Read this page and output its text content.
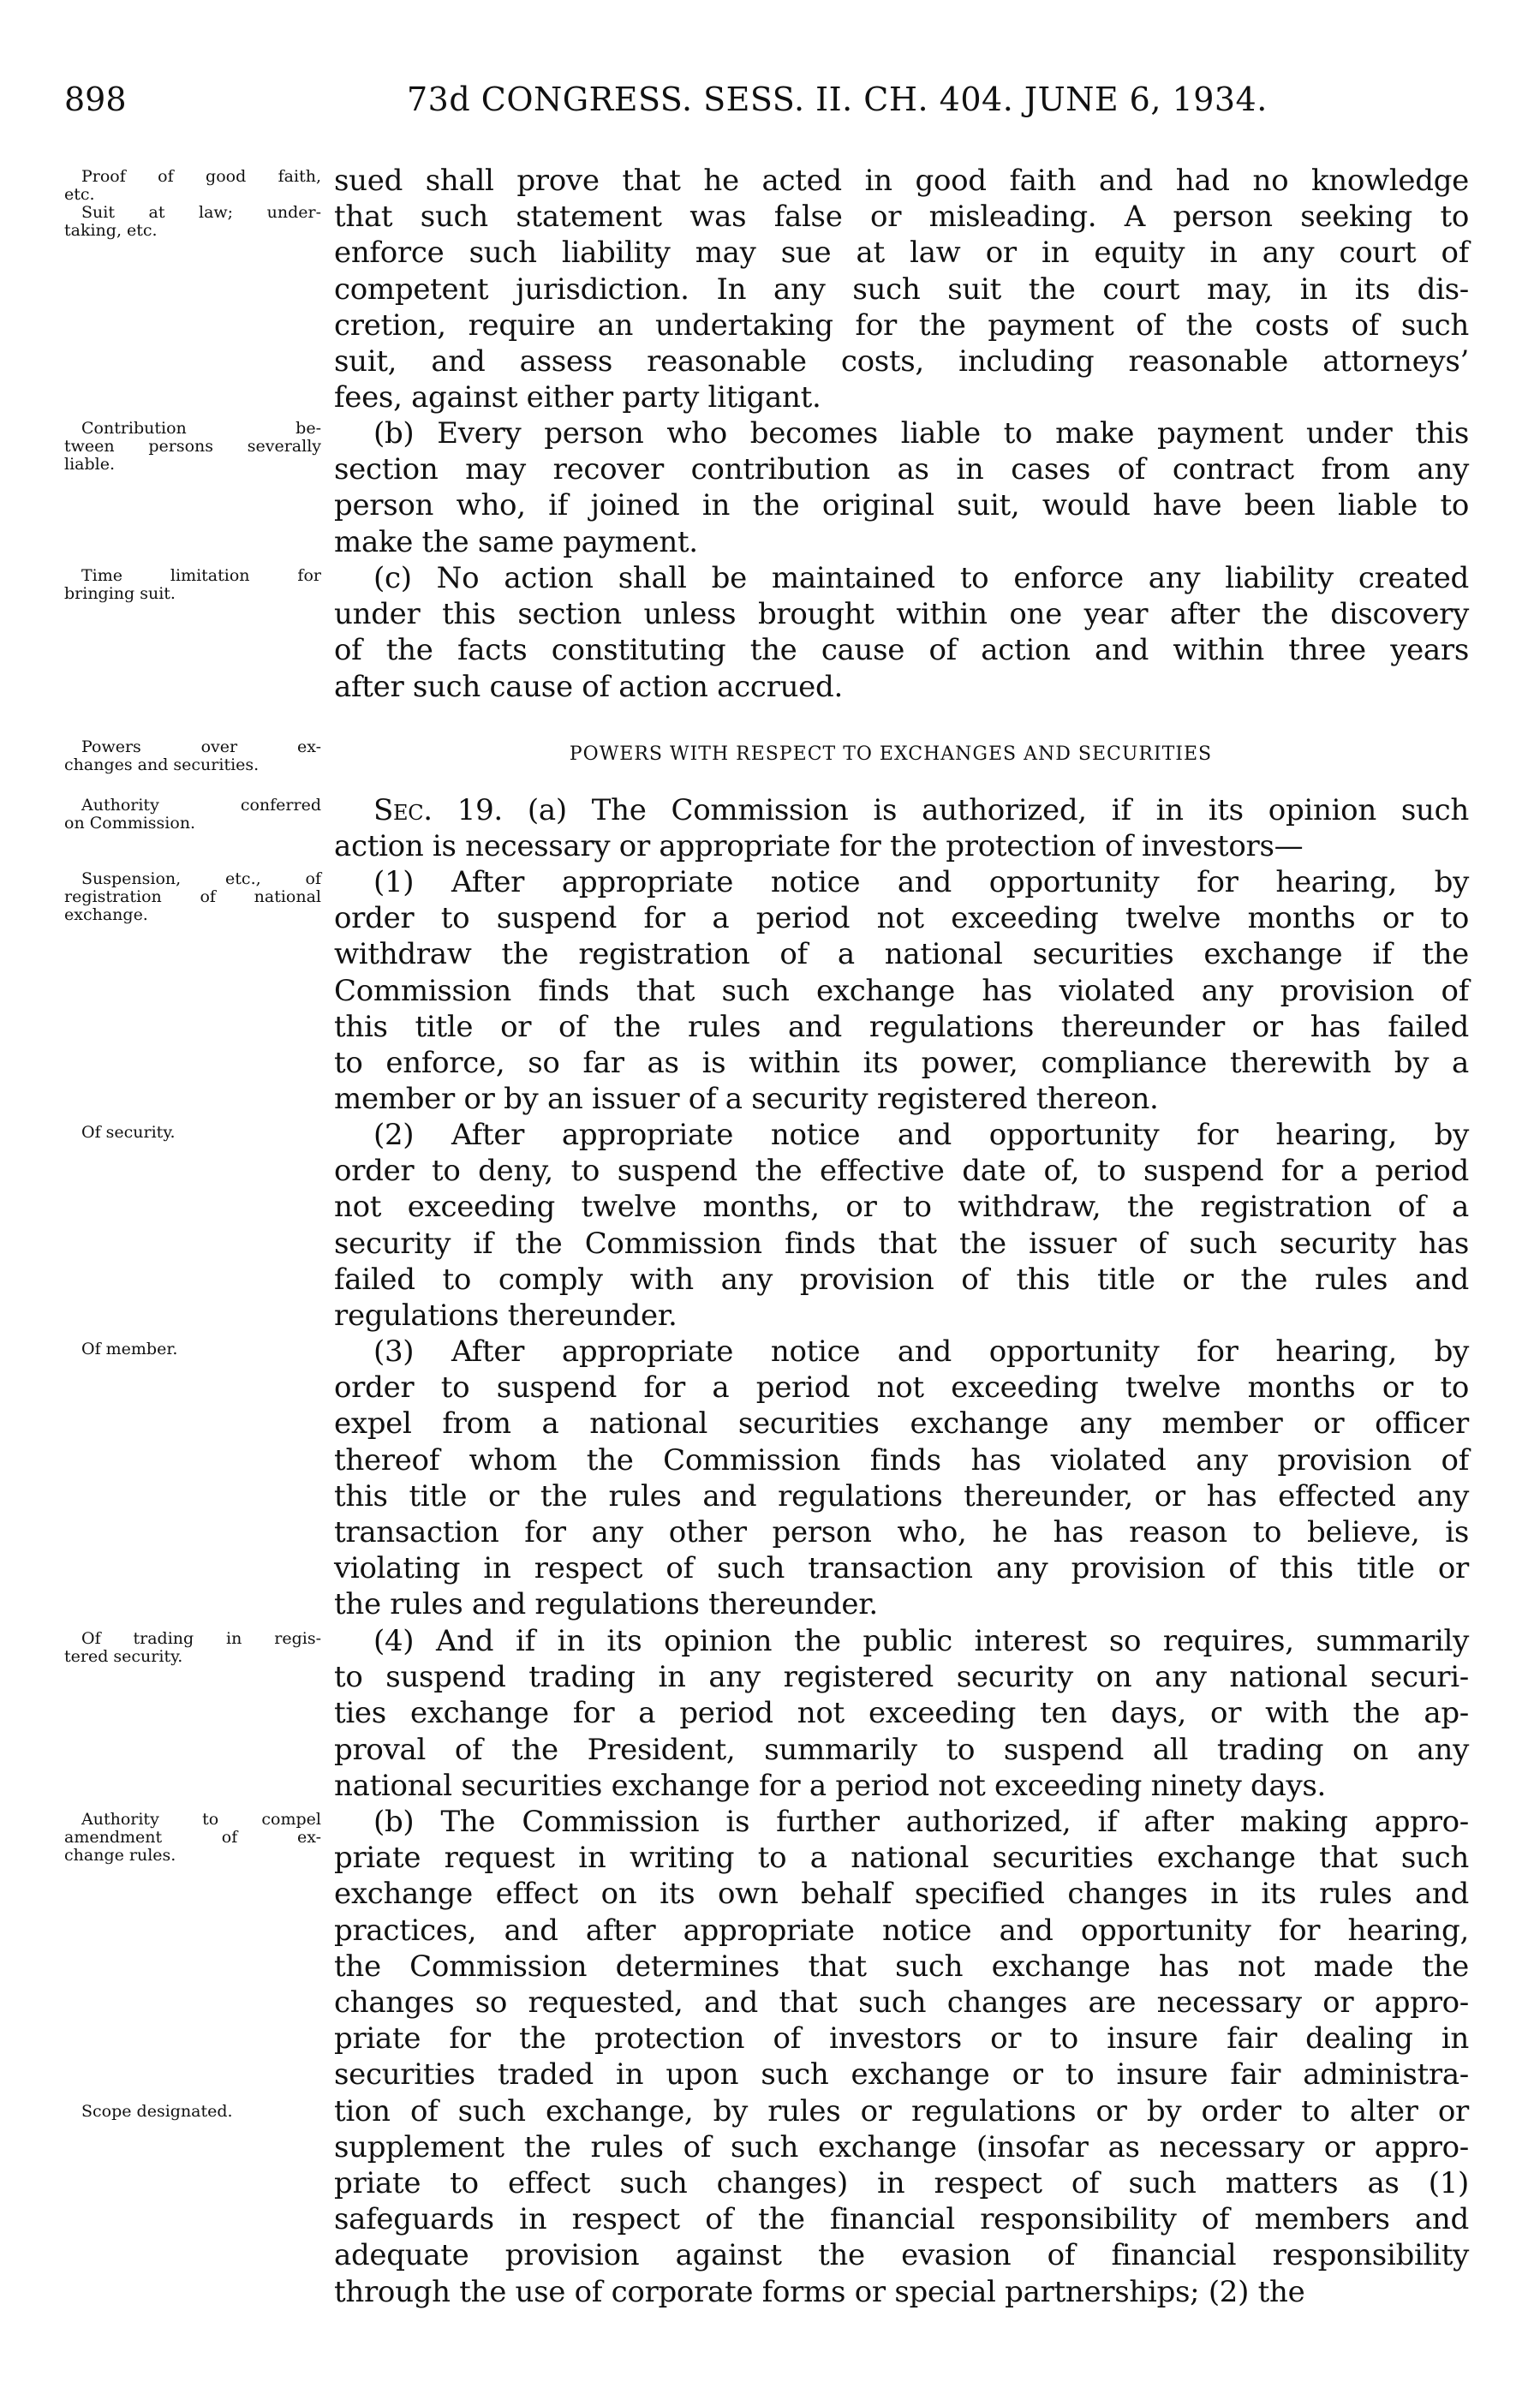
898	73d CONGRESS. SESS. II. CH. 404. JUNE 6, 1934.
Proof of good faith,
etc.
Suit at law; under-
taking, etc.
Contribution be-
tween persons severally
liable.
Time limitation for
bringing suit.
Powers over ex-
changes and securities.
Authority conferred
on Commission.
Suspension, etc., of
registration of national
exchange.
Of security.
Of member.
Of trading in regis-
tered security.
Authority to compel
amendment of ex-
change rules.
Scope designated.
POWERS WITH RESPECT TO EXCHANGES AND SECURITIES
sued shall prove that he acted in good faith and had no knowledge
that such statement was false or misleading. A person seeking to
enforce such liability may sue at law or in equity in any court of
competent jurisdiction. In any such suit the court may, in its dis-
cretion, require an undertaking for the payment of the costs of such
suit, and assess reasonable costs, including reasonable attorneys’
fees, against either party litigant.
(b) Every person who becomes liable to make payment under this
section may recover contribution as in cases of contract from any
person who, if joined in the original suit, would have been liable to
make the same payment.
(c) No action shall be maintained to enforce any liability created
under this section unless brought within one year after the discovery
of the facts constituting the cause of action and within three years
after such cause of action accrued.
action is necessary or appropriate for the protection of investors—
(1) After appropriate notice and opportunity for hearing, by
order to suspend for a period not exceeding twelve months or to
withdraw the registration of a national securities exchange if the
Commission finds that such exchange has violated any provision of
this title or of the rules and regulations thereunder or has failed
to enforce, so far as is within its power, compliance therewith by a
member or by an issuer of a security registered thereon.
(2) After appropriate notice and opportunity for hearing, by
order to deny, to suspend the effective date of, to suspend for a period
not exceeding twelve months, or to withdraw, the registration of a
security if the Commission finds that the issuer of such security has
failed to comply with any provision of this title or the rules and
regulations thereunder.
(3) After appropriate notice and opportunity for hearing, by
order to suspend for a period not exceeding twelve months or to
expel from a national securities exchange any member or officer
thereof whom the Commission finds has violated any provision of
this title or the rules and regulations thereunder, or has effected any
transaction for any other person who, he has reason to believe, is
violating in respect of such transaction any provision of this title or
the rules and regulations thereunder.
(4) And if in its opinion the public interest so requires, summarily
to suspend trading in any registered security on any national securi-
ties exchange for a period not exceeding ten days, or with the ap-
proval of the President, summarily to suspend all trading on any
national securities exchange for a period not exceeding ninety days.
(b) The Commission is further authorized, if after making appro-
priate request in writing to a national securities exchange that such
exchange effect on its own behalf specified changes in its rules and
practices, and after appropriate notice and opportunity for hearing,
the Commission determines that such exchange has not made the
changes so requested, and that such changes are necessary or appro-
priate for the protection of investors or to insure fair dealing in
securities traded in upon such exchange or to insure fair administra-
tion of such exchange, by rules or regulations or by order to alter or
supplement the rules of such exchange (insofar as necessary or appro-
priate to effect such changes) in respect of such matters as (1)
safeguards in respect of the financial responsibility of members and
adequate provision against the evasion of financial responsibility
through the use of corporate forms or special partnerships; (2) the
Sec. 19. (a) The Commission is authorized, if in its opinion such
